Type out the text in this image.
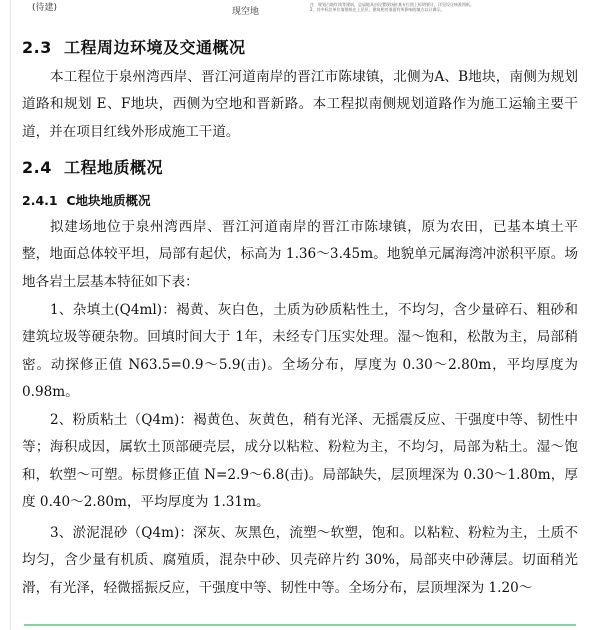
(待建)	现空地
注：规划占地红线等建筑，总届地具由设置现场桩基专位图上标明要计，详见设计核准图纸。
2、其中标注单位请图纸在上层层，建筑相对准面有所影响的填方以计调示。
2.3 工程周边环境及交通概况

本工程位于泉州湾西岸、晋江河道南岸的晋江市陈埭镇，北侧为A、B地块，南侧为规划道路和规划 E、F地块，西侧为空地和晋新路。本工程拟南侧规划道路作为施工运输主要干道，并在项目红线外形成施工干道。

2.4 工程地质概况
2.4.1 C地块地质概况

拟建场地位于泉州湾西岸、晋江河道南岸的晋江市陈埭镇，原为农田，已基本填土平整，地面总体较平坦，局部有起伏，标高为 1.36～3.45m。地貌单元属海湾冲淤积平原。场地各岩土层基本特征如下表：

1、杂填土(Q4ml)：褐黄、灰白色，土质为砂质粘性土，不均匀，含少量碎石、粗砂和建筑垃圾等硬杂物。回填时间大于 1年，未经专门压实处理。湿～饱和，松散为主，局部稍密。动探修正值 N63.5=0.9～5.9(击)。全场分布，厚度为 0.30～2.80m，平均厚度为 0.98m。

2、粉质粘土（Q4m)：褐黄色、灰黄色，稍有光泽、无摇震反应、干强度中等、韧性中等；海积成因，属软土顶部硬壳层，成分以粘粒、粉粒为主，不均匀，局部为粘土。湿～饱和，软塑～可塑。标贯修正值 N=2.9～6.8(击)。局部缺失，层顶埋深为 0.30～1.80m，厚度 0.40～2.80m，平均厚度为 1.31m。

3、淤泥混砂（Q4m)：深灰、灰黑色，流塑～软塑，饱和。以粘粒、粉粒为主，土质不均匀，含少量有机质、腐殖质，混杂中砂、贝壳碎片约 30%，局部夹中砂薄层。切面稍光滑，有光泽，轻微摇振反应，干强度中等、韧性中等。全场分布，层顶埋深为 1.20～
